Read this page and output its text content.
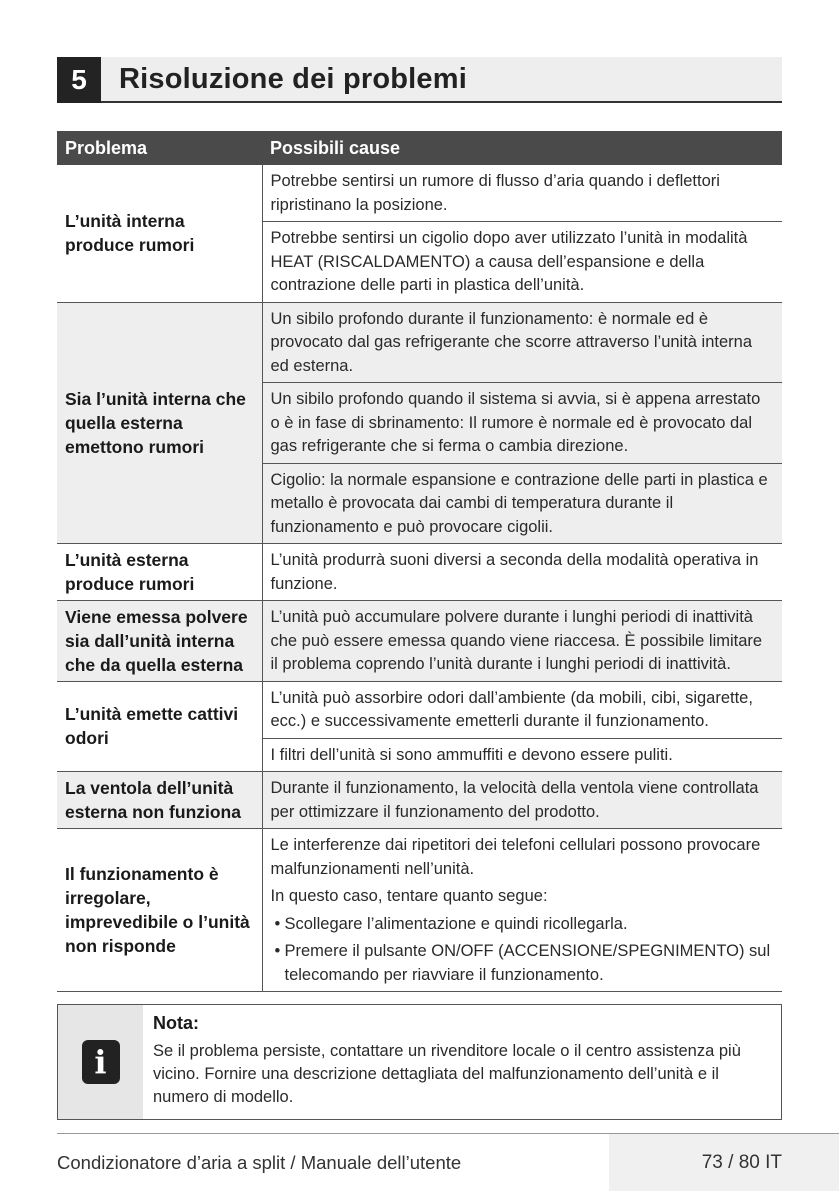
5	Risoluzione dei problemi
Problema	Possibili cause
L’unità interna produce rumori	Potrebbe sentirsi un rumore di flusso d’aria quando i deflettori ripristinano la posizione.
Potrebbe sentirsi un cigolio dopo aver utilizzato l’unità in modalità HEAT (RISCALDAMENTO) a causa dell’espansione e della contrazione delle parti in plastica dell’unità.

Sia l’unità interna che quella esterna emettono rumori	Un sibilo profondo durante il funzionamento: è normale ed è provocato dal gas refrigerante che scorre attraverso l’unità interna ed esterna.
Un sibilo profondo quando il sistema si avvia, si è appena arrestato o è in fase di sbrinamento: Il rumore è normale ed è provocato dal gas refrigerante che si ferma o cambia direzione.
Cigolio: la normale espansione e contrazione delle parti in plastica e metallo è provocata dai cambi di temperatura durante il funzionamento e può provocare cigolii.

L’unità esterna produce rumori	L’unità produrrà suoni diversi a seconda della modalità operativa in funzione.

Viene emessa polvere sia dall’unità interna che da quella esterna	L’unità può accumulare polvere durante i lunghi periodi di inattività che può essere emessa quando viene riaccesa. È possibile limitare il problema coprendo l’unità durante i lunghi periodi di inattività.

L’unità emette cattivi odori	L’unità può assorbire odori dall’ambiente (da mobili, cibi, sigarette, ecc.) e successivamente emetterli durante il funzionamento.
I filtri dell’unità si sono ammuffiti e devono essere puliti.

La ventola dell’unità esterna non funziona	Durante il funzionamento, la velocità della ventola viene controllata per ottimizzare il funzionamento del prodotto.

Il funzionamento è irregolare, imprevedibile o l’unità non risponde	Le interferenze dai ripetitori dei telefoni cellulari possono provocare malfunzionamenti nell’unità.
In questo caso, tentare quanto segue:
• Scollegare l’alimentazione e quindi ricollegarla.
• Premere il pulsante ON/OFF (ACCENSIONE/SPEGNIMENTO) sul telecomando per riavviare il funzionamento.
i
Nota:
Se il problema persiste, contattare un rivenditore locale o il centro assistenza più vicino. Fornire una descrizione dettagliata del malfunzionamento dell’unità e il numero di modello.
Condizionatore d’aria a split / Manuale dell’utente	73 / 80 IT
